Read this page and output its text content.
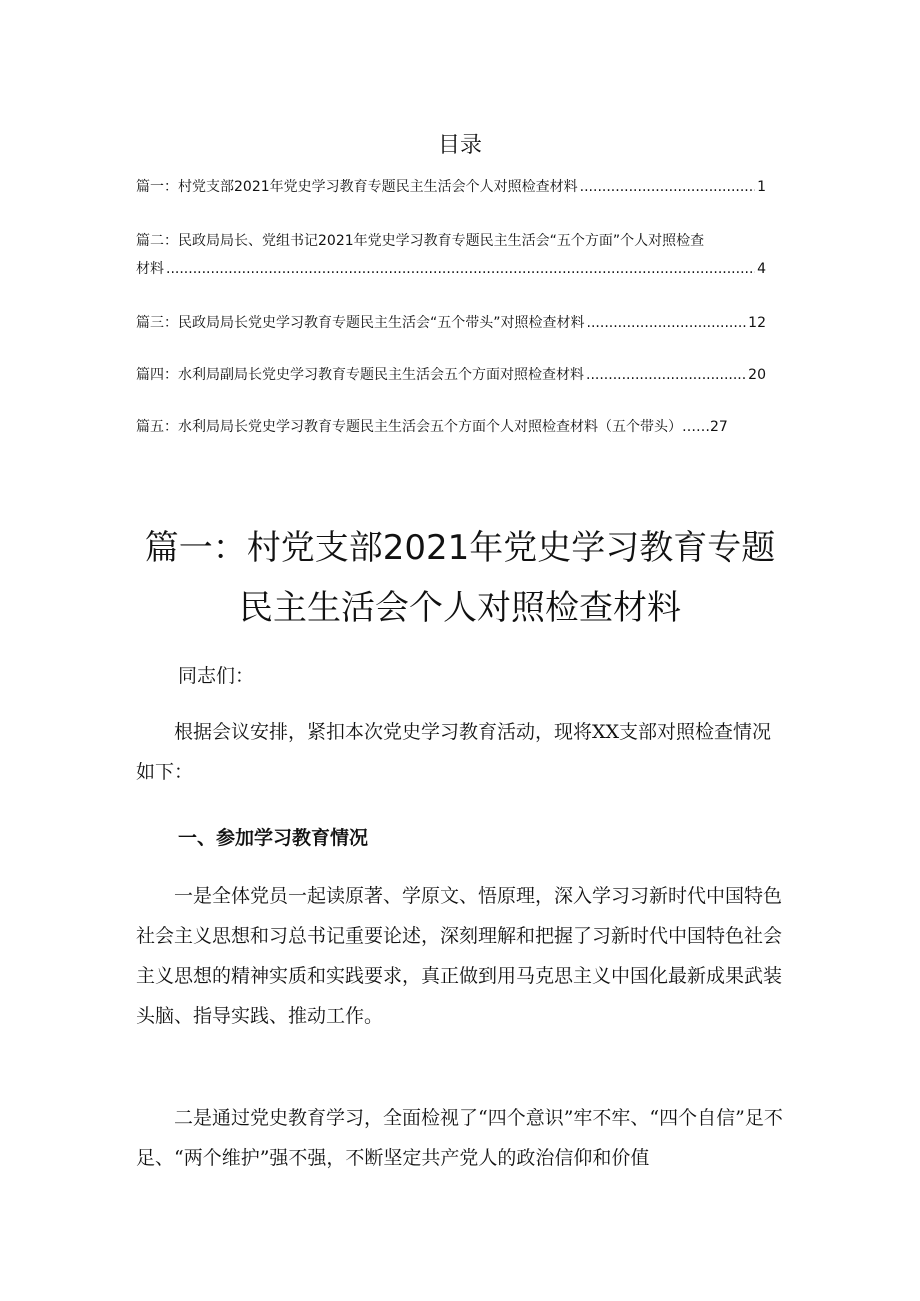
目录
篇一：村党支部2021年党史学习教育专题民主生活会个人对照检查材料 .....	1
篇二：民政局局长、党组书记2021年党史学习教育专题民主生活会“五个方面”个人对照检查
材料 .....	4
篇三：民政局局长党史学习教育专题民主生活会“五个带头”对照检查材料 .....	12
篇四：水利局副局长党史学习教育专题民主生活会五个方面对照检查材料 .....	20
篇五：水利局局长党史学习教育专题民主生活会五个方面个人对照检查材料（五个带头）……27
篇一：村党支部2021年党史学习教育专题
民主生活会个人对照检查材料
同志们：
　　根据会议安排，紧扣本次党史学习教育活动，现将XX支部对照检查情况如下：
一、参加学习教育情况
　　一是全体党员一起读原著、学原文、悟原理，深入学习习新时代中国特色社会主义思想和习总书记重要论述，深刻理解和把握了习新时代中国特色社会主义思想的精神实质和实践要求，真正做到用马克思主义中国化最新成果武装头脑、指导实践、推动工作。
　　二是通过党史教育学习，全面检视了“四个意识”牢不牢、“四个自信”足不足、“两个维护”强不强，不断坚定共产党人的政治信仰和价值
